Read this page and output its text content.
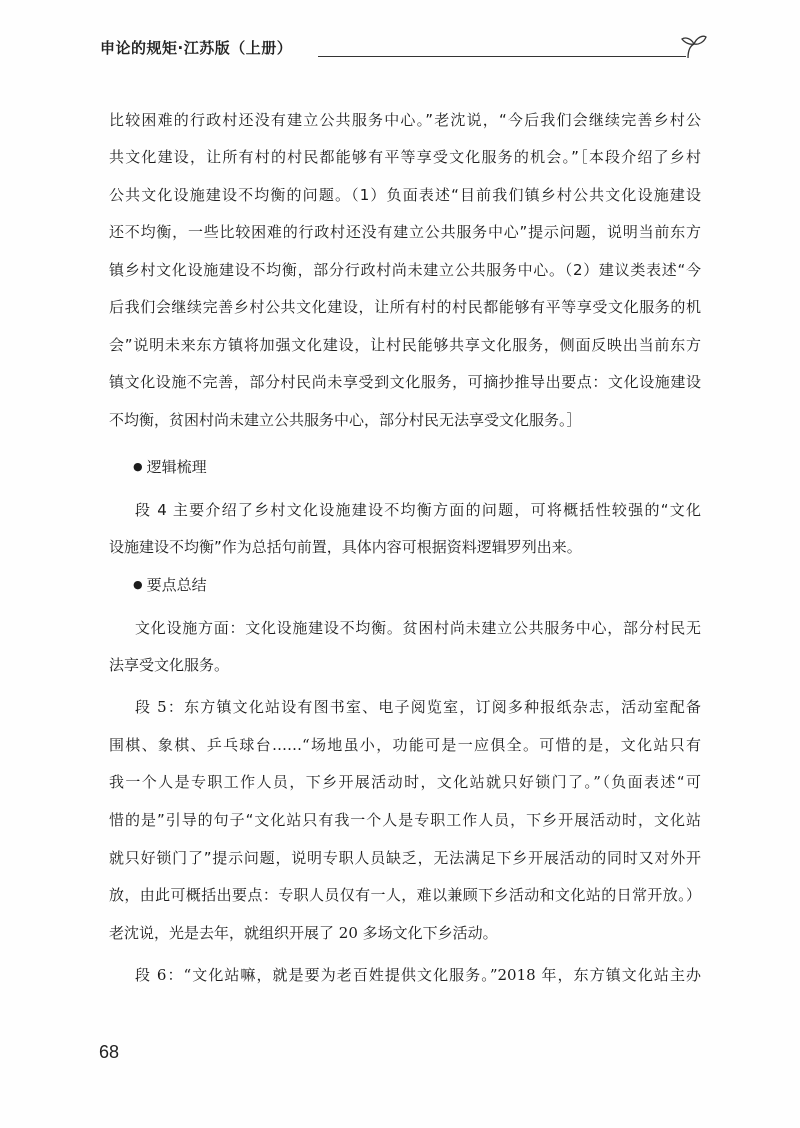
申论的规矩·江苏版（上册）
比较困难的行政村还没有建立公共服务中心。”老沈说，“今后我们会继续完善乡村公
共文化建设，让所有村的村民都能够有平等享受文化服务的机会。”［本段介绍了乡村
公共文化设施建设不均衡的问题。（1）负面表述“目前我们镇乡村公共文化设施建设
还不均衡，一些比较困难的行政村还没有建立公共服务中心”提示问题，说明当前东方
镇乡村文化设施建设不均衡，部分行政村尚未建立公共服务中心。（2）建议类表述“今
后我们会继续完善乡村公共文化建设，让所有村的村民都能够有平等享受文化服务的机
会”说明未来东方镇将加强文化建设，让村民能够共享文化服务，侧面反映出当前东方
镇文化设施不完善，部分村民尚未享受到文化服务，可摘抄推导出要点：文化设施建设
不均衡，贫困村尚未建立公共服务中心，部分村民无法享受文化服务。］
● 逻辑梳理
段 4 主要介绍了乡村文化设施建设不均衡方面的问题，可将概括性较强的“文化
设施建设不均衡”作为总括句前置，具体内容可根据资料逻辑罗列出来。
● 要点总结
文化设施方面：文化设施建设不均衡。贫困村尚未建立公共服务中心，部分村民无
法享受文化服务。
段 5：东方镇文化站设有图书室、电子阅览室，订阅多种报纸杂志，活动室配备
围棋、象棋、乒乓球台……“场地虽小，功能可是一应俱全。可惜的是，文化站只有
我一个人是专职工作人员，下乡开展活动时，文化站就只好锁门了。”（负面表述“可
惜的是”引导的句子“文化站只有我一个人是专职工作人员，下乡开展活动时，文化站
就只好锁门了”提示问题，说明专职人员缺乏，无法满足下乡开展活动的同时又对外开
放，由此可概括出要点：专职人员仅有一人，难以兼顾下乡活动和文化站的日常开放。）
老沈说，光是去年，就组织开展了 20 多场文化下乡活动。
段 6：“文化站嘛，就是要为老百姓提供文化服务。”2018 年，东方镇文化站主办
68
